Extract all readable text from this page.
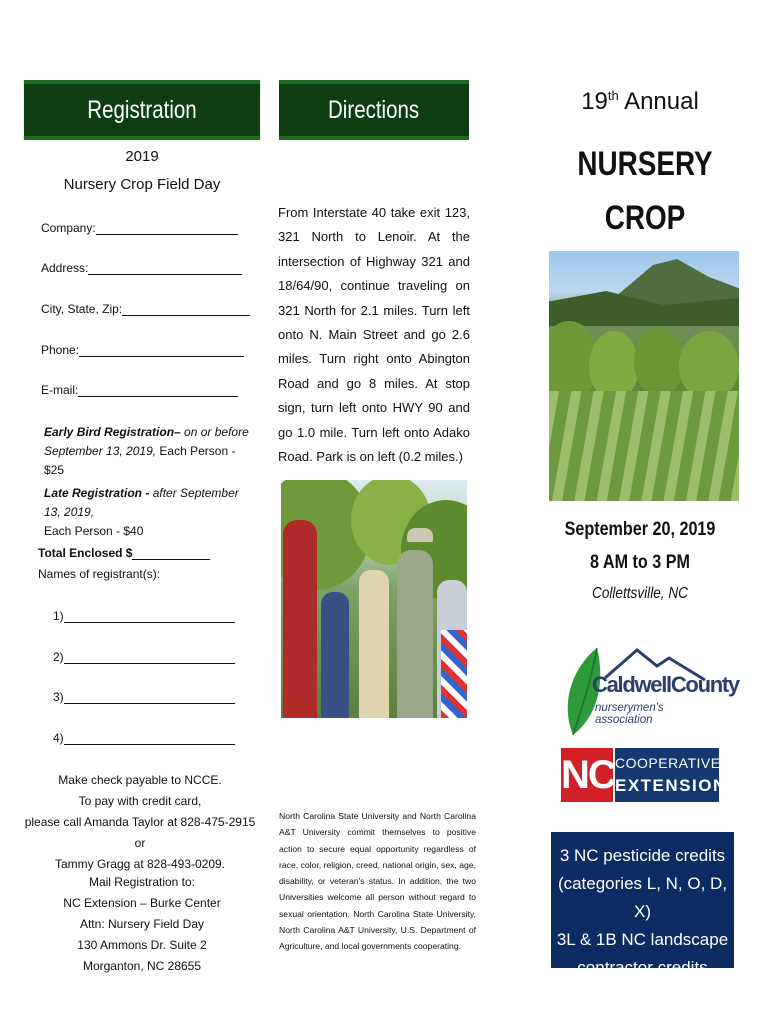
Registration
2019
Nursery Crop Field Day
Company:
Address:
City, State, Zip:
Phone:
E-mail:
Early Bird Registration– on or before September 13, 2019, Each Person - $25
Late Registration - after September 13, 2019,
Each Person - $40
Total Enclosed $
Names of registrant(s):
1)
2)
3)
4)
Make check payable to NCCE.
To pay with credit card,
please call Amanda Taylor at 828-475-2915 or
Tammy Gragg at 828-493-0209.
Mail Registration to:
NC Extension – Burke Center
Attn: Nursery Field Day
130 Ammons Dr. Suite 2
Morganton, NC 28655
Directions
From Interstate 40 take exit 123, 321 North to Lenoir. At the intersection of Highway 321 and 18/64/90, continue traveling on 321 North for 2.1 miles. Turn left onto N. Main Street and go 2.6 miles. Turn right onto Abington Road and go 8 miles. At stop sign, turn left onto HWY 90 and go 1.0 mile. Turn left onto Adako Road. Park is on left (0.2 miles.)
North Carolina State University and North Carolina A&T University commit themselves to positive action to secure equal opportunity regardless of race, color, religion, creed, national origin, sex, age, disability, or veteran's status. In addition, the two Universities welcome all person without regard to sexual orientation. North Carolina State University, North Carolina A&T University, U.S. Department of Agriculture, and local governments cooperating.
19th Annual
NURSERY CROP
September 20, 2019
8 AM to 3 PM
Collettsville, NC
CaldwellCounty
nurserymen's association
NC COOPERATIVE
EXTENSION
3 NC pesticide credits
(categories L, N, O, D, X)
3L & 1B NC landscape
contractor credits
